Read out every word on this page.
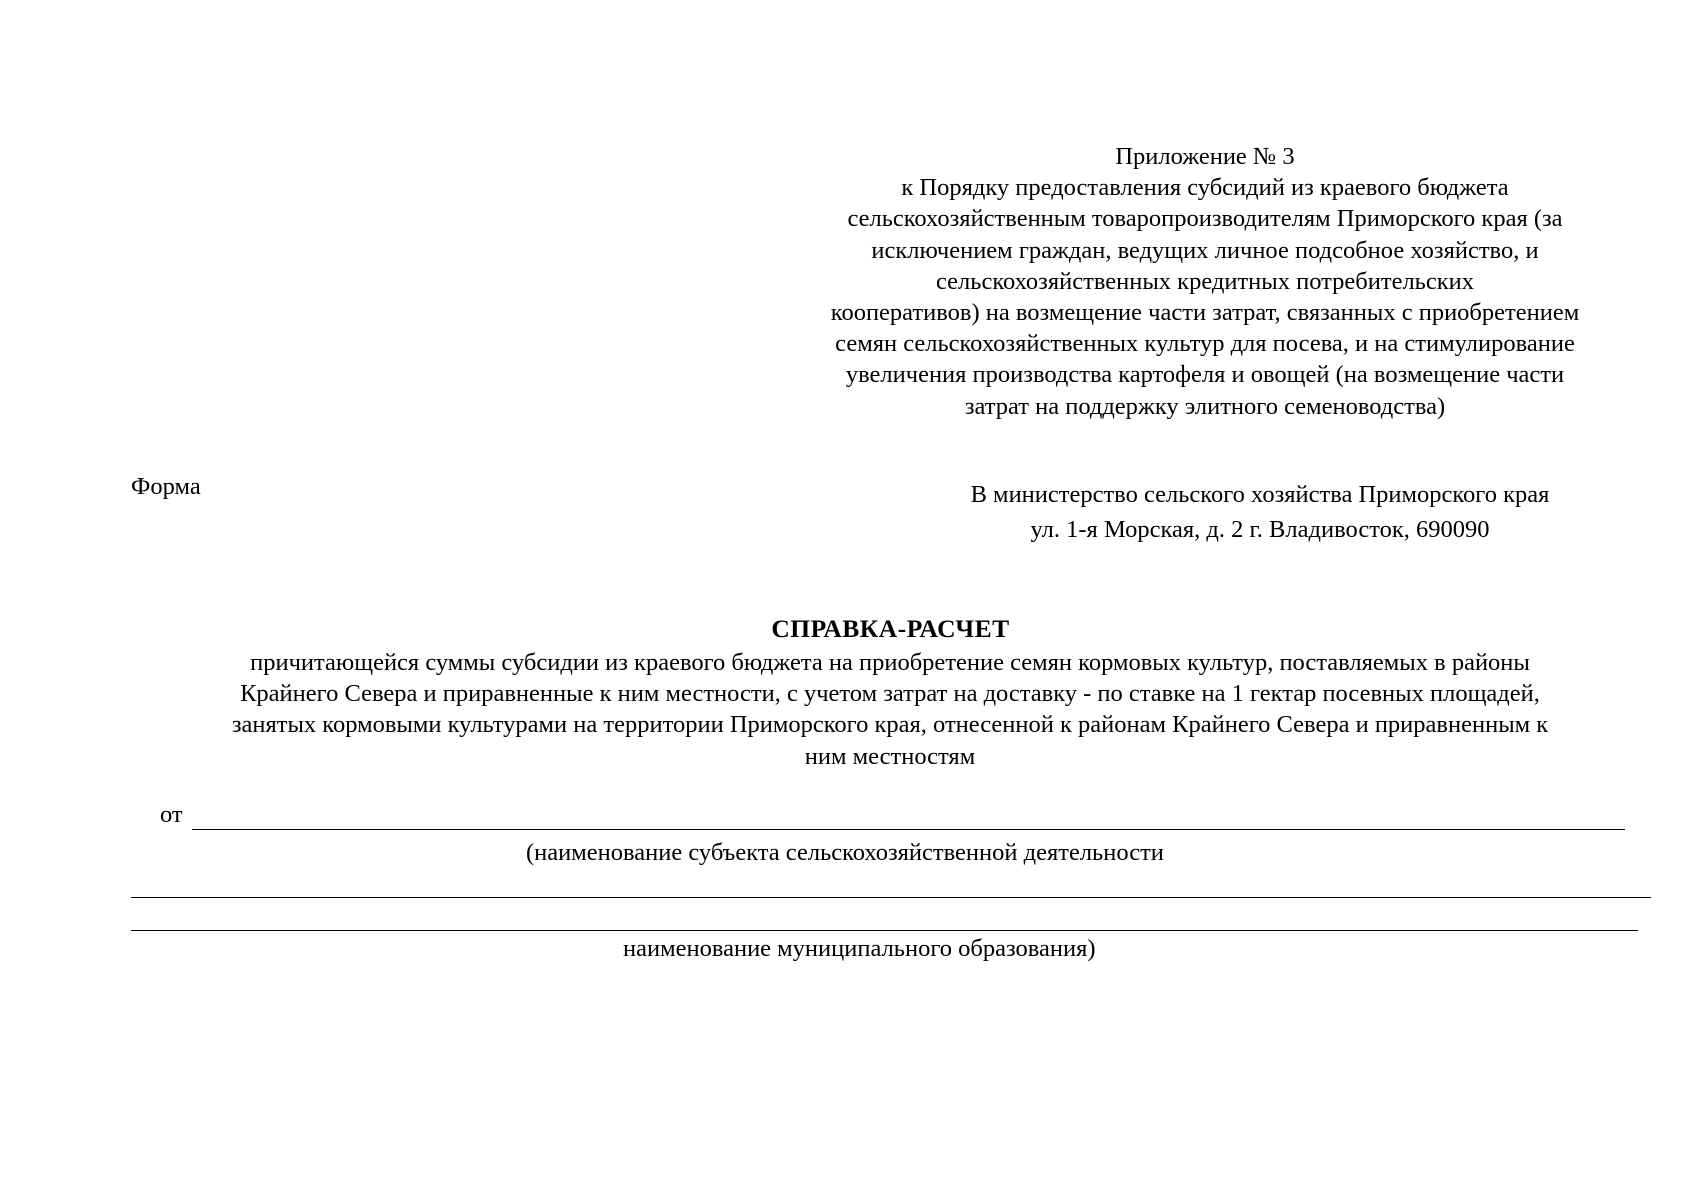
Приложение № 3
к Порядку предоставления субсидий из краевого бюджета
сельскохозяйственным товаропроизводителям Приморского края (за
исключением граждан, ведущих личное подсобное хозяйство, и
сельскохозяйственных кредитных потребительских
кооперативов) на возмещение части затрат, связанных с приобретением
семян сельскохозяйственных культур для посева, и на стимулирование
увеличения производства картофеля и овощей (на возмещение части
затрат на поддержку элитного семеноводства)
Форма	В министерство сельского хозяйства Приморского края
ул. 1-я Морская, д. 2 г. Владивосток, 690090
СПРАВКА-РАСЧЕТ
причитающейся суммы субсидии из краевого бюджета на приобретение семян кормовых культур, поставляемых в районы
Крайнего Севера и приравненные к ним местности, с учетом затрат на доставку - по ставке на 1 гектар посевных площадей,
занятых кормовыми культурами на территории Приморского края, отнесенной к районам Крайнего Севера и приравненным к
ним местностям
от
(наименование субъекта сельскохозяйственной деятельности
наименование муниципального образования)
